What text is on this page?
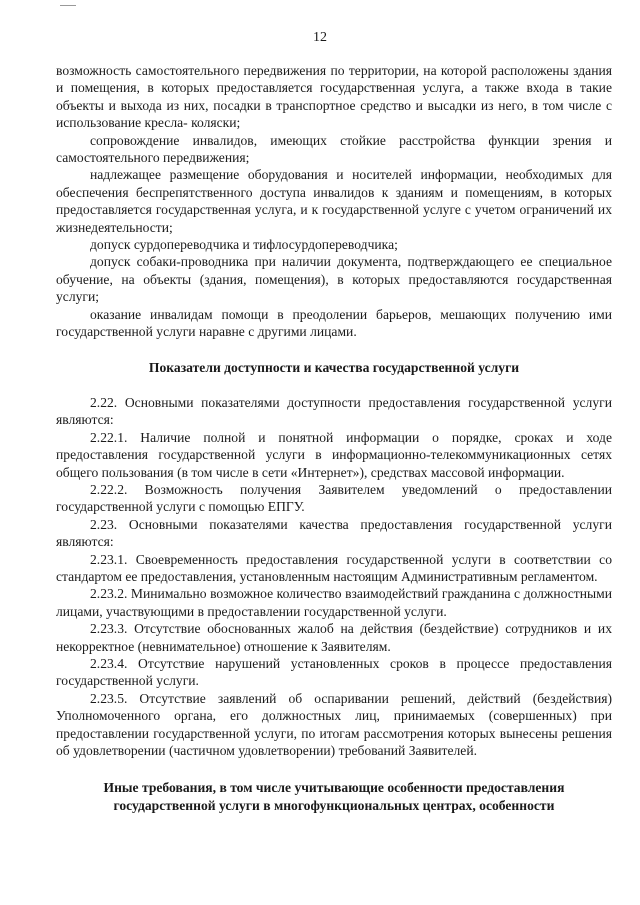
12

возможность самостоятельного передвижения по территории, на которой расположены здания и помещения, в которых предоставляется государственная услуга, а также входа в такие объекты и выхода из них, посадки в транспортное средство и высадки из него, в том числе с использование кресла- коляски;

сопровождение инвалидов, имеющих стойкие расстройства функции зрения и самостоятельного передвижения;

надлежащее размещение оборудования и носителей информации, необходимых для обеспечения беспрепятственного доступа инвалидов к зданиям и помещениям, в которых предоставляется государственная услуга, и к государственной услуге с учетом ограничений их жизнедеятельности;

допуск сурдопереводчика и тифлосурдопереводчика;

допуск собаки-проводника при наличии документа, подтверждающего ее специальное обучение, на объекты (здания, помещения), в которых предоставляются государственная услуги;

оказание инвалидам помощи в преодолении барьеров, мешающих получению ими государственной услуги наравне с другими лицами.

Показатели доступности и качества государственной услуги

2.22. Основными показателями доступности предоставления государственной услуги являются:

2.22.1. Наличие полной и понятной информации о порядке, сроках и ходе предоставления государственной услуги в информационно-телекоммуникационных сетях общего пользования (в том числе в сети «Интернет»), средствах массовой информации.

2.22.2. Возможность получения Заявителем уведомлений о предоставлении государственной услуги с помощью ЕПГУ.

2.23. Основными показателями качества предоставления государственной услуги являются:

2.23.1. Своевременность предоставления государственной услуги в соответствии со стандартом ее предоставления, установленным настоящим Административным регламентом.

2.23.2. Минимально возможное количество взаимодействий гражданина с должностными лицами, участвующими в предоставлении государственной услуги.

2.23.3. Отсутствие обоснованных жалоб на действия (бездействие) сотрудников и их некорректное (невнимательное) отношение к Заявителям.

2.23.4. Отсутствие нарушений установленных сроков в процессе предоставления государственной услуги.

2.23.5. Отсутствие заявлений об оспаривании решений, действий (бездействия) Уполномоченного органа, его должностных лиц, принимаемых (совершенных) при предоставлении государственной услуги, по итогам рассмотрения которых вынесены решения об удовлетворении (частичном удовлетворении) требований Заявителей.

Иные требования, в том числе учитывающие особенности предоставления

государственной услуги в многофункциональных центрах, особенности
